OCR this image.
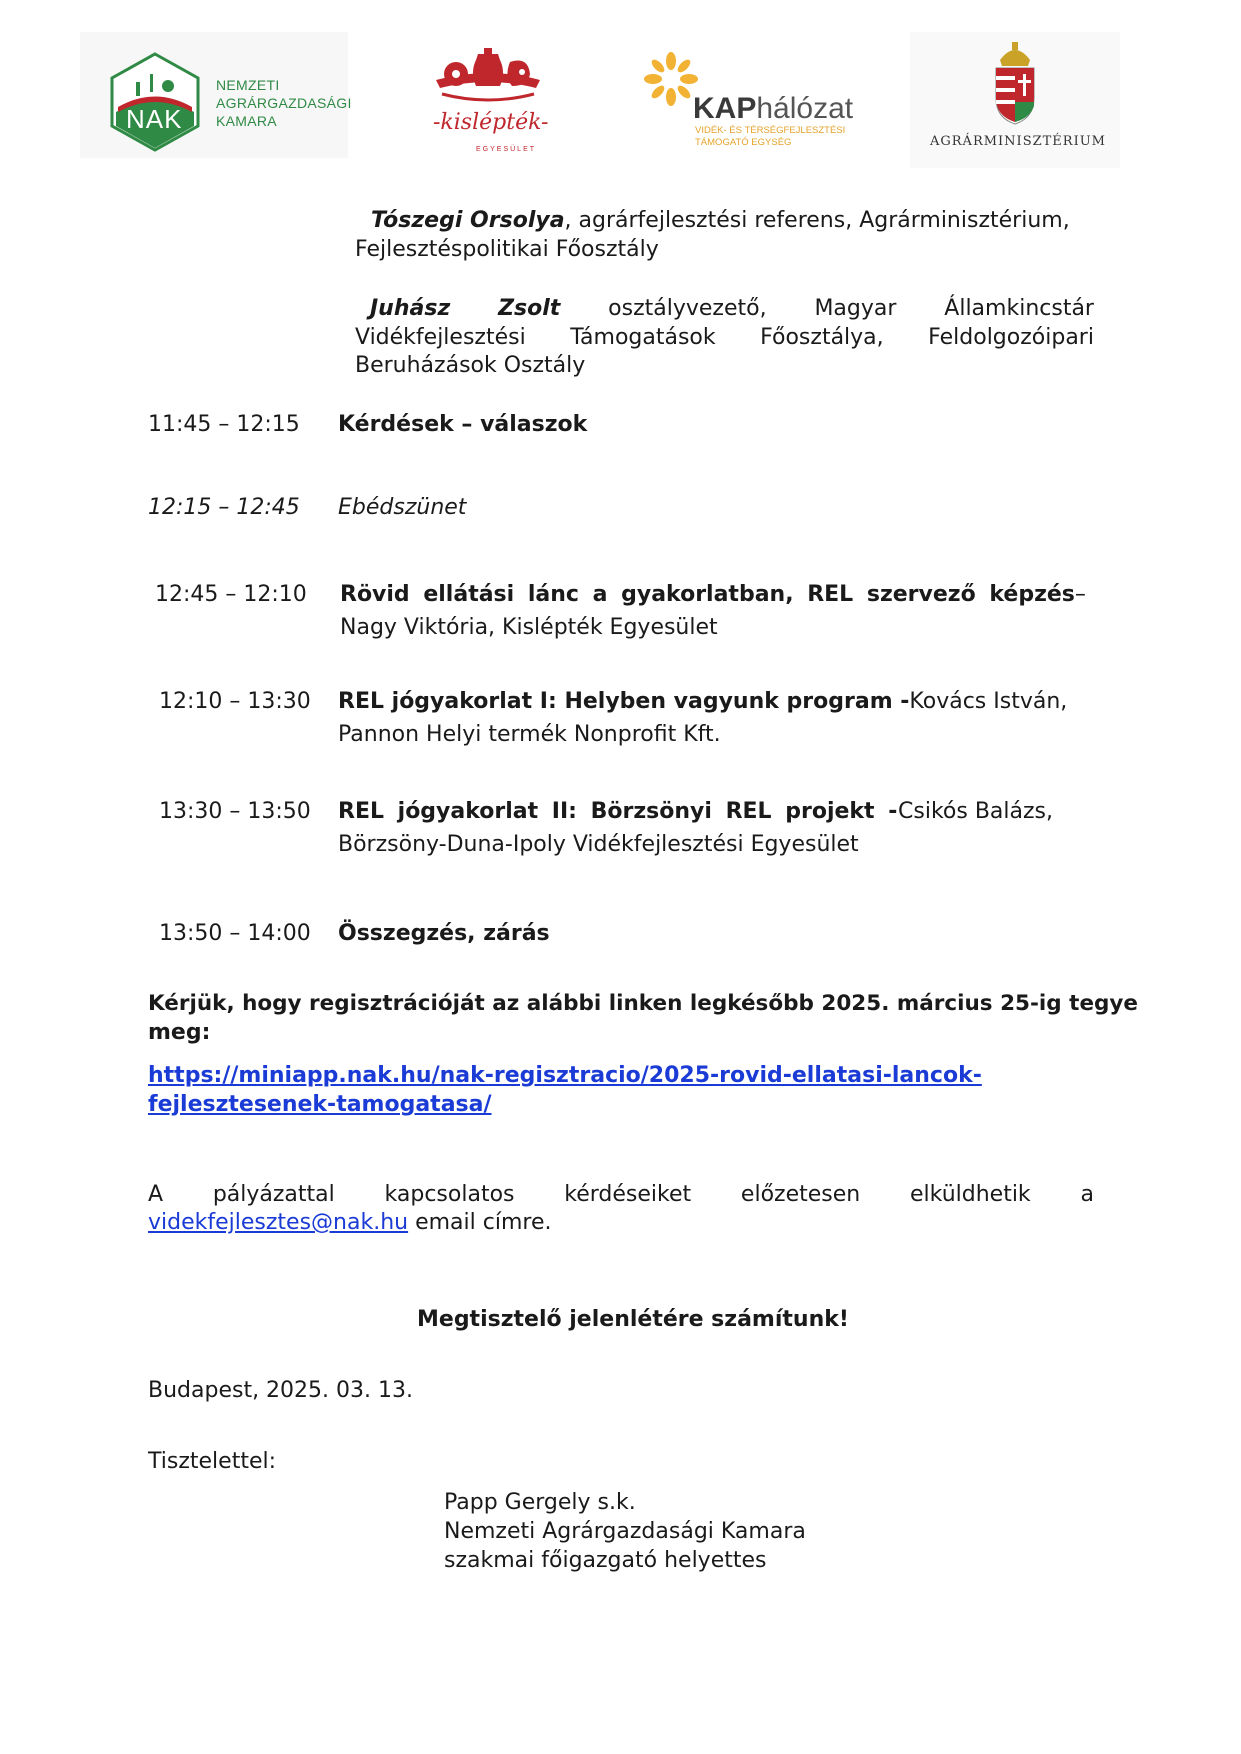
NAK
NEMZETI
AGRÁRGAZDASÁGI
KAMARA	-kislépték-
EGYESÜLET
KAPhálózat
VIDÉK- ÉS TÉRSÉGFEJLESZTÉSI
TÁMOGATÓ EGYSÉG	AGRÁRMINISZTÉRIUM
Tószegi Orsolya, agrárfejlesztési referens, Agrárminisztérium,
Fejlesztéspolitikai Főosztály
Juhász Zsolt osztályvezető, Magyar Államkincstár
Vidékfejlesztési Támogatások Főosztálya, Feldolgozóipari
Beruházások Osztály
11:45 – 12:15 Kérdések – válaszok
12:15 – 12:45 Ebédszünet
12:45 – 12:10 Rövid ellátási lánc a gyakorlatban, REL szervező képzés –
Nagy Viktória, Kislépték Egyesület
12:10 – 13:30 REL jógyakorlat I: Helyben vagyunk program - Kovács István,
Pannon Helyi termék Nonprofit Kft.
13:30 – 13:50 REL jógyakorlat II: Börzsönyi REL projekt - Csikós Balázs,
Börzsöny-Duna-Ipoly Vidékfejlesztési Egyesület
13:50 – 14:00 Összegzés, zárás
Kérjük, hogy regisztrációját az alábbi linken legkésőbb 2025. március 25-ig tegye
meg:
https://miniapp.nak.hu/nak-regisztracio/2025-rovid-ellatasi-lancok-
fejlesztesenek-tamogatasa/
A pályázattal kapcsolatos kérdéseiket előzetesen elküldhetik a
videkfejlesztes@nak.hu email címre.
Megtisztelő jelenlétére számítunk!
Budapest, 2025. 03. 13.
Tisztelettel:
Papp Gergely s.k.
Nemzeti Agrárgazdasági Kamara
szakmai főigazgató helyettes
